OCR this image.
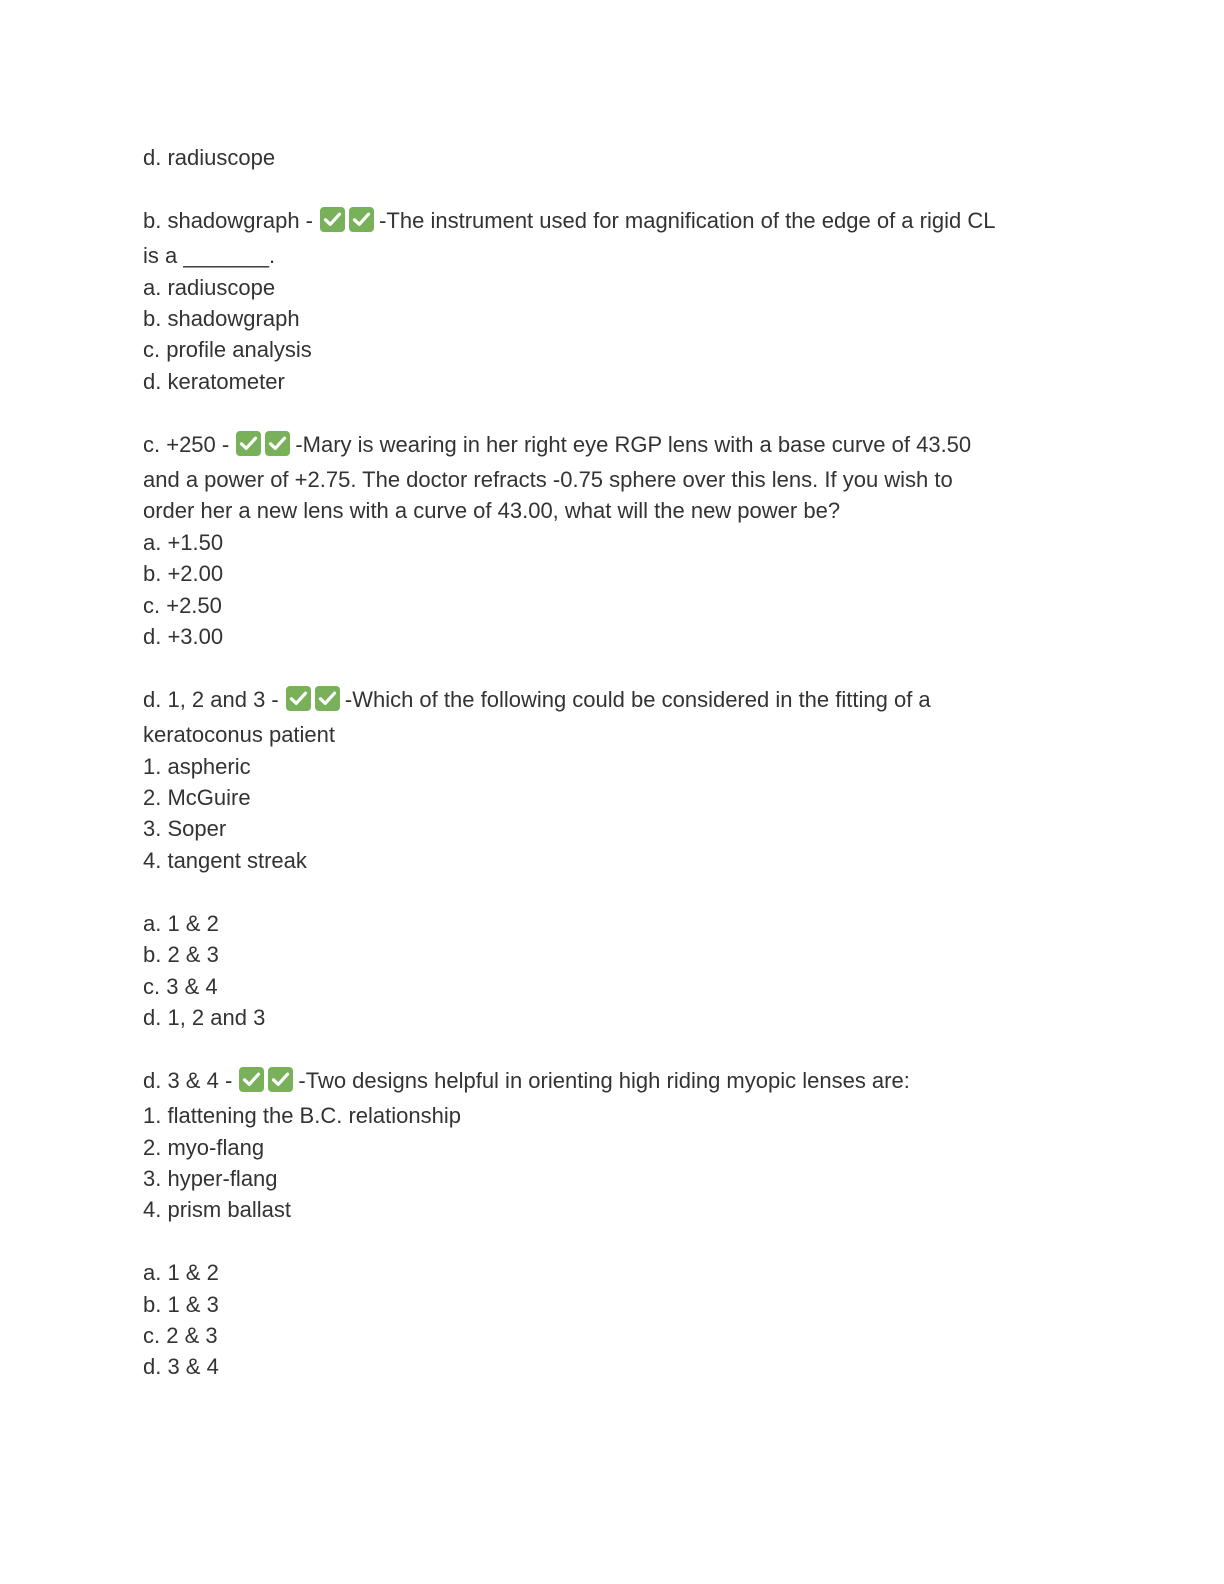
d. radiuscope
b. shadowgraph -	-The instrument used for magnification of the edge of a rigid CL
is a _______.
a. radiuscope
b. shadowgraph
c. profile analysis
d. keratometer
c. +250 -	-Mary is wearing in her right eye RGP lens with a base curve of 43.50
and a power of +2.75. The doctor refracts -0.75 sphere over this lens. If you wish to
order her a new lens with a curve of 43.00, what will the new power be?
a. +1.50
b. +2.00
c. +2.50
d. +3.00
d. 1, 2 and 3 -	-Which of the following could be considered in the fitting of a
keratoconus patient
1. aspheric
2. McGuire
3. Soper
4. tangent streak
a. 1 & 2
b. 2 & 3
c. 3 & 4
d. 1, 2 and 3
d. 3 & 4 -	-Two designs helpful in orienting high riding myopic lenses are:
1. flattening the B.C. relationship
2. myo-flang
3. hyper-flang
4. prism ballast
a. 1 & 2
b. 1 & 3
c. 2 & 3
d. 3 & 4
